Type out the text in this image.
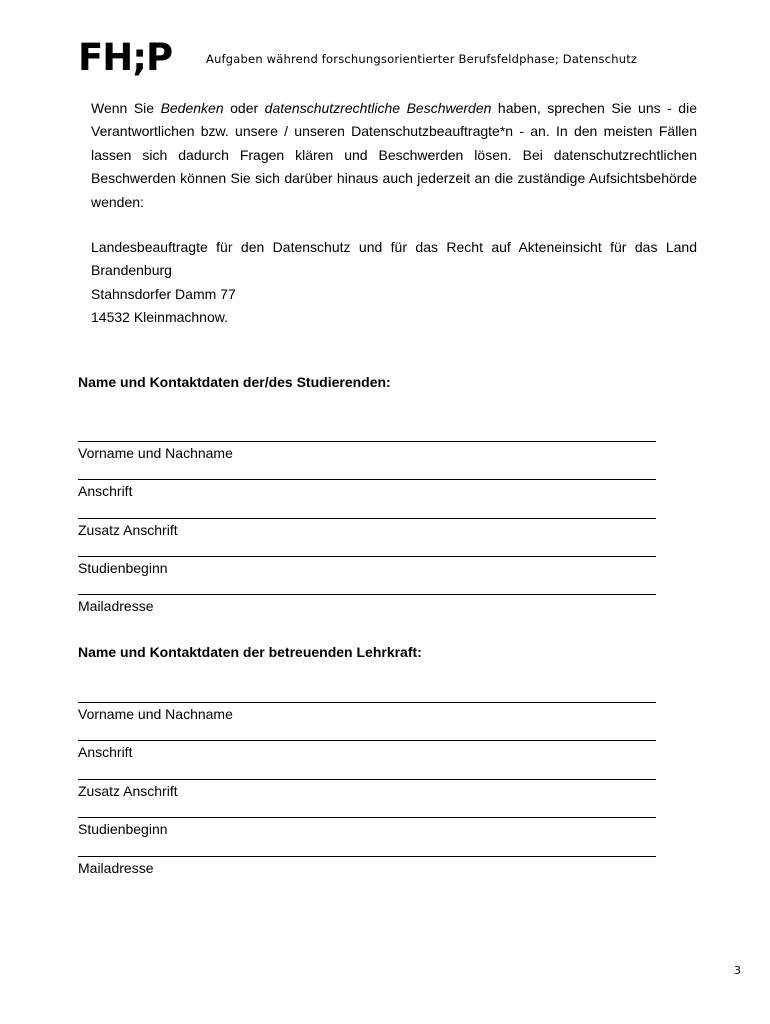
FH;P	Aufgaben während forschungsorientierter Berufsfeldphase; Datenschutz

Wenn Sie Bedenken oder datenschutzrechtliche Beschwerden haben, sprechen Sie uns - die Verantwortlichen bzw. unsere / unseren Datenschutzbeauftragte*n - an. In den meisten Fällen lassen sich dadurch Fragen klären und Beschwerden lösen. Bei datenschutzrechtlichen Beschwerden können Sie sich darüber hinaus auch jederzeit an die zuständige Aufsichtsbehörde wenden:

Landesbeauftragte für den Datenschutz und für das Recht auf Akteneinsicht für das Land
Brandenburg
Stahnsdorfer Damm 77
14532 Kleinmachnow.
Name und Kontaktdaten der/des Studierenden:
Vorname und Nachname
Anschrift
Zusatz Anschrift
Studienbeginn
Mailadresse
Name und Kontaktdaten der betreuenden Lehrkraft:
Vorname und Nachname
Anschrift
Zusatz Anschrift
Studienbeginn
Mailadresse
3
